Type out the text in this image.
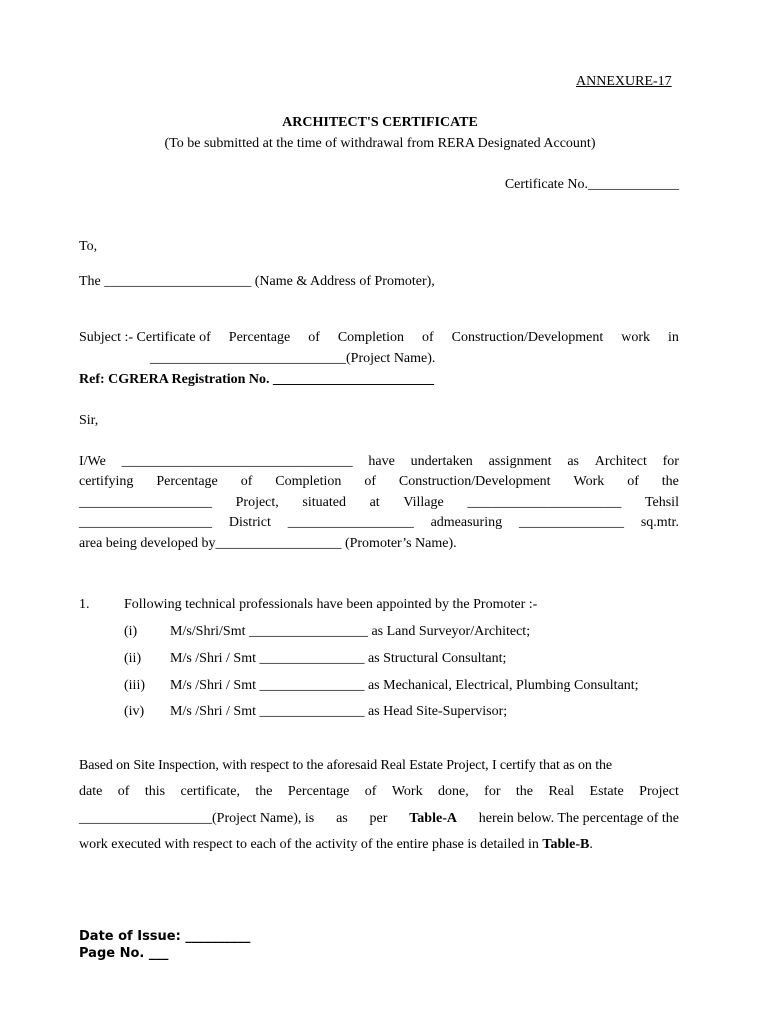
ANNEXURE-17
ARCHITECT'S CERTIFICATE
(To be submitted at the time of withdrawal from RERA Designated Account)
Certificate No._____________
To,
The _____________________ (Name & Address of Promoter),
Subject :- Certificate of Percentage of Completion of Construction/Development work in
____________________________(Project Name).
Ref: CGRERA Registration No. _______________________
Sir,
I/We _________________________________ have undertaken assignment as Architect for
certifying Percentage of Completion of Construction/Development Work of the
___________________ Project, situated at Village ______________________ Tehsil
___________________ District __________________ admeasuring _______________ sq.mtr.
area being developed by__________________ (Promoter’s Name).
1. Following technical professionals have been appointed by the Promoter :-
(i) M/s/Shri/Smt _________________ as Land Surveyor/Architect;
(ii) M/s /Shri / Smt _______________ as Structural Consultant;
(iii) M/s /Shri / Smt _______________ as Mechanical, Electrical, Plumbing Consultant;
(iv) M/s /Shri / Smt _______________ as Head Site-Supervisor;
Based on Site Inspection, with respect to the aforesaid Real Estate Project, I certify that as on the
date of this certificate, the Percentage of Work done, for the Real Estate Project
___________________(Project Name), is as per Table-A herein below. The percentage of the
work executed with respect to each of the activity of the entire phase is detailed in Table-B.
Date of Issue: __________
Page No. ___
